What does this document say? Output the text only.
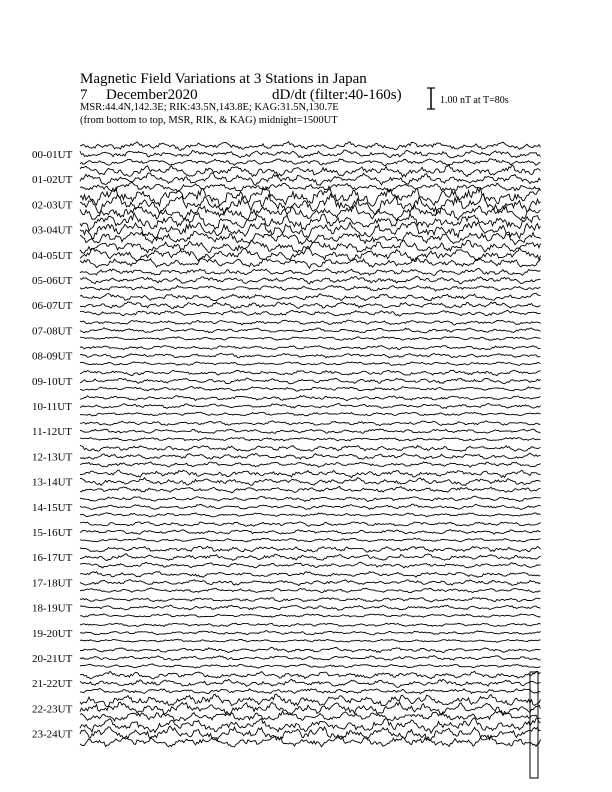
Magnetic Field Variations at 3 Stations in Japan
7 December2020	dD/dt (filter:40-160s)
MSR:44.4N,142.3E; RIK:43.5N,143.8E; KAG:31.5N,130.7E
(from bottom to top, MSR, RIK, & KAG) midnight=1500UT
1.00 nT at T=80s
00-01UT
01-02UT
02-03UT
03-04UT
04-05UT
05-06UT
06-07UT
07-08UT
08-09UT
09-10UT
10-11UT
11-12UT
12-13UT
13-14UT
14-15UT
15-16UT
16-17UT
17-18UT
18-19UT
19-20UT
20-21UT
21-22UT
22-23UT
23-24UT
